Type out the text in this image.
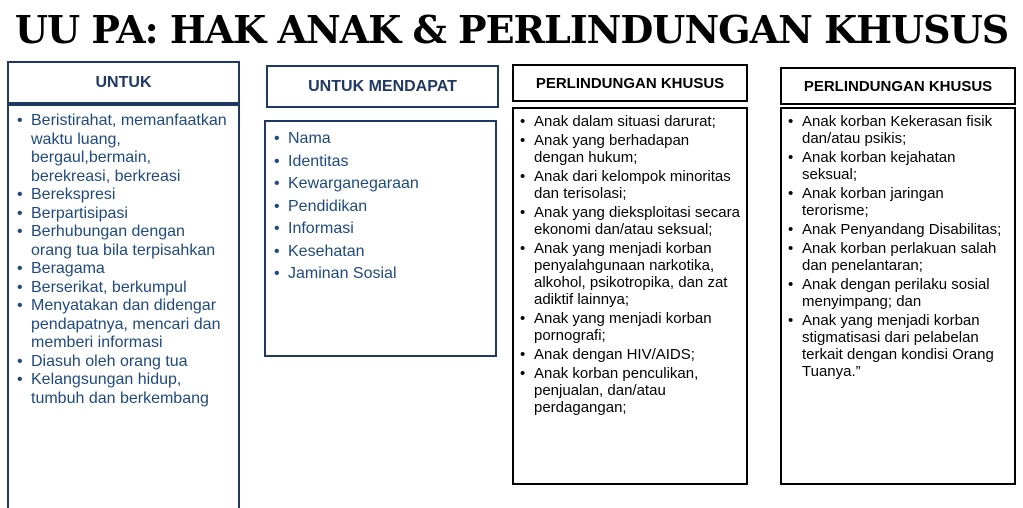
UU PA: HAK ANAK & PERLINDUNGAN KHUSUS
UNTUK
• Beristirahat, memanfaatkan waktu luang, bergaul,bermain, berekreasi, berkreasi
• Berekspresi
• Berpartisipasi
• Berhubungan dengan orang tua bila terpisahkan
• Beragama
• Berserikat, berkumpul
• Menyatakan dan didengar pendapatnya, mencari dan memberi informasi
• Diasuh oleh orang tua
• Kelangsungan hidup, tumbuh dan berkembang
UNTUK MENDAPAT
• Nama
• Identitas
• Kewarganegaraan
• Pendidikan
• Informasi
• Kesehatan
• Jaminan Sosial
PERLINDUNGAN KHUSUS
• Anak dalam situasi darurat;
• Anak yang berhadapan dengan hukum;
• Anak dari kelompok minoritas dan terisolasi;
• Anak yang dieksploitasi secara ekonomi dan/atau seksual;
• Anak yang menjadi korban penyalahgunaan narkotika, alkohol, psikotropika, dan zat adiktif lainnya;
• Anak yang menjadi korban pornografi;
• Anak dengan HIV/AIDS;
• Anak korban penculikan, penjualan, dan/atau perdagangan;
PERLINDUNGAN KHUSUS
• Anak korban Kekerasan fisik dan/atau psikis;
• Anak korban kejahatan seksual;
• Anak korban jaringan terorisme;
• Anak Penyandang Disabilitas;
• Anak korban perlakuan salah dan penelantaran;
• Anak dengan perilaku sosial menyimpang; dan
• Anak yang menjadi korban stigmatisasi dari pelabelan terkait dengan kondisi Orang Tuanya.”
